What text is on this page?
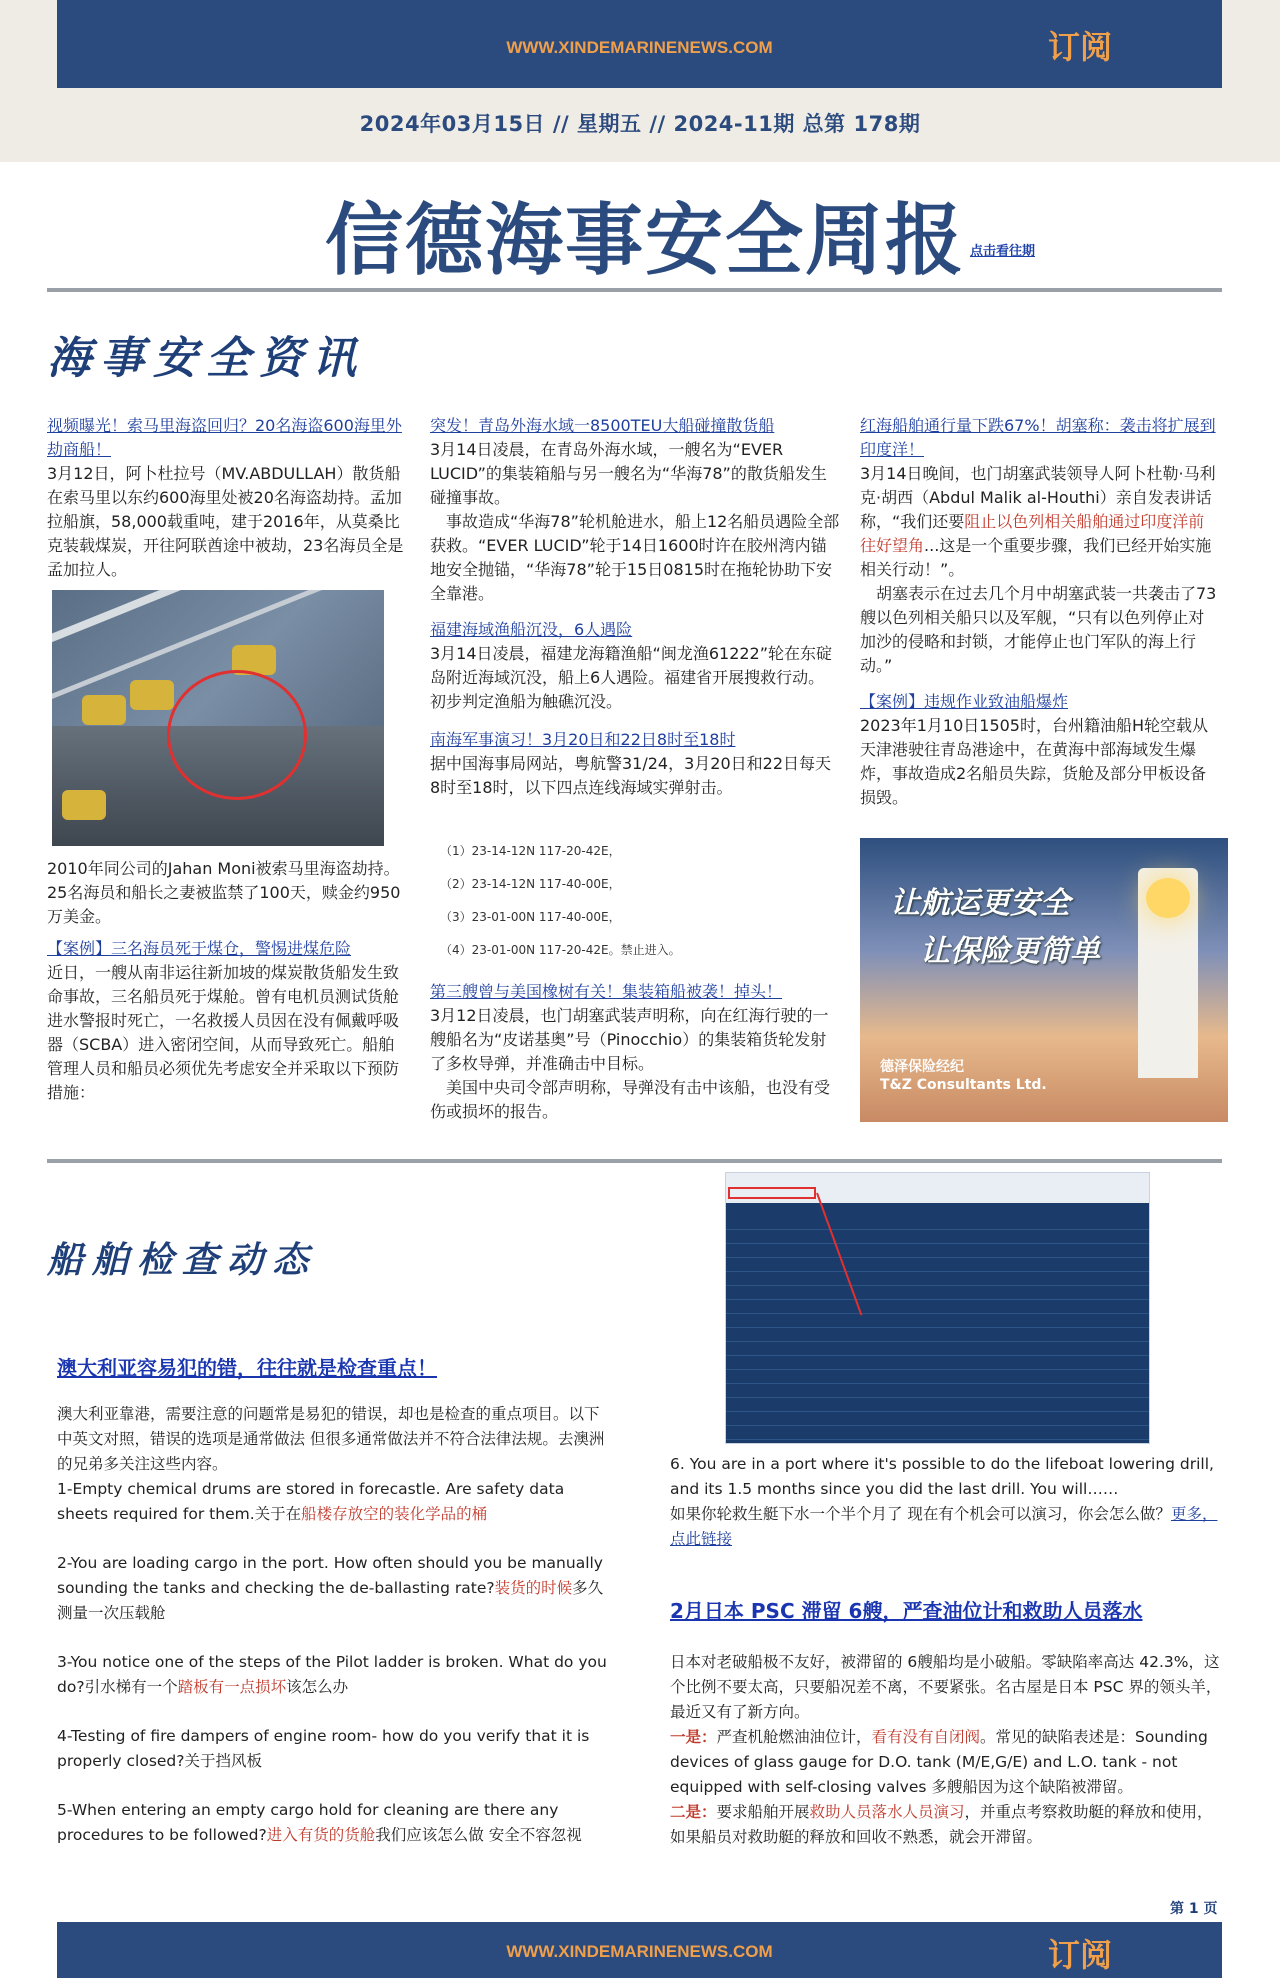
WWW.XINDEMARINENEWS.COM	订阅
2024年03月15日 // 星期五 // 2024-11期 总第 178期
信德海事安全周报 点击看往期
海事安全资讯

视频曝光！索马里海盗回归？20名海盗600海里外劫商船！

3月12日，阿卜杜拉号（MV.ABDULLAH）散货船在索马里以东约600海里处被20名海盗劫持。孟加拉船旗，58,000载重吨，建于2016年，从莫桑比克装载煤炭，开往阿联酋途中被劫，23名海员全是孟加拉人。

2010年同公司的Jahan Moni被索马里海盗劫持。25名海员和船长之妻被监禁了100天，赎金约950万美金。

【案例】三名海员死于煤仓，警惕进煤危险

近日，一艘从南非运往新加坡的煤炭散货船发生致命事故，三名船员死于煤舱。曾有电机员测试货舱进水警报时死亡，一名救援人员因在没有佩戴呼吸器（SCBA）进入密闭空间，从而导致死亡。船舶管理人员和船员必须优先考虑安全并采取以下预防措施：

突发！青岛外海水域一8500TEU大船碰撞散货船

3月14日凌晨，在青岛外海水域，一艘名为“EVER LUCID”的集装箱船与另一艘名为“华海78”的散货船发生碰撞事故。

事故造成“华海78”轮机舱进水，船上12名船员遇险全部获救。“EVER LUCID”轮于14日1600时许在胶州湾内锚地安全抛锚，“华海78”轮于15日0815时在拖轮协助下安全靠港。

福建海域渔船沉没，6人遇险

3月14日凌晨，福建龙海籍渔船“闽龙渔61222”轮在东碇岛附近海域沉没，船上6人遇险。福建省开展搜救行动。初步判定渔船为触礁沉没。

南海军事演习！3月20日和22日8时至18时

据中国海事局网站，粤航警31/24，3月20日和22日每天8时至18时，以下四点连线海域实弹射击。

（1）23-14-12N 117-20-42E，
（2）23-14-12N 117-40-00E，
（3）23-01-00N 117-40-00E，
（4）23-01-00N 117-20-42E。禁止进入。

第三艘曾与美国橡树有关！集装箱船被袭！掉头！

3月12日凌晨，也门胡塞武装声明称，向在红海行驶的一艘船名为“皮诺基奥”号（Pinocchio）的集装箱货轮发射了多枚导弹，并准确击中目标。

美国中央司令部声明称，导弹没有击中该船，也没有受伤或损坏的报告。

红海船舶通行量下跌67%！胡塞称：袭击将扩展到印度洋！

3月14日晚间，也门胡塞武装领导人阿卜杜勒·马利克·胡西（Abdul Malik al-Houthi）亲自发表讲话称，“我们还要阻止以色列相关船舶通过印度洋前往好望角...这是一个重要步骤，我们已经开始实施相关行动！”。

胡塞表示在过去几个月中胡塞武装一共袭击了73艘以色列相关船只以及军舰，“只有以色列停止对加沙的侵略和封锁，才能停止也门军队的海上行动。”

【案例】违规作业致油船爆炸

2023年1月10日1505时，台州籍油船H轮空载从天津港驶往青岛港途中，在黄海中部海域发生爆炸，事故造成2名船员失踪，货舱及部分甲板设备损毁。

让航运更安全
让保险更简单
德泽保险经纪
T&Z Consultants Ltd.
船舶检查动态
澳大利亚容易犯的错，往往就是检查重点！

澳大利亚靠港，需要注意的问题常是易犯的错误，却也是检查的重点项目。以下中英文对照，错误的选项是通常做法 但很多通常做法并不符合法律法规。去澳洲的兄弟多关注这些内容。

1-Empty chemical drums are stored in forecastle. Are safety data sheets required for them.关于在船楼存放空的装化学品的桶

2-You are loading cargo in the port. How often should you be manually sounding the tanks and checking the de-ballasting rate?装货的时候多久测量一次压载舱

3-You notice one of the steps of the Pilot ladder is broken. What do you do?引水梯有一个踏板有一点损坏该怎么办

4-Testing of fire dampers of engine room- how do you verify that it is properly closed?关于挡风板

5-When entering an empty cargo hold for cleaning are there any procedures to be followed?进入有货的货舱我们应该怎么做 安全不容忽视

6. You are in a port where it's possible to do the lifeboat lowering drill, and its 1.5 months since you did the last drill. You will……

如果你轮救生艇下水一个半个月了 现在有个机会可以演习，你会怎么做？更多，点此链接

2月日本 PSC 滞留 6艘，严查油位计和救助人员落水

日本对老破船极不友好，被滞留的 6艘船均是小破船。零缺陷率高达 42.3%，这个比例不要太高，只要船况差不离，不要紧张。名古屋是日本 PSC 界的领头羊，最近又有了新方向。

一是：严查机舱燃油油位计，看有没有自闭阀。常见的缺陷表述是：Sounding devices of glass gauge for D.O. tank (M/E,G/E) and L.O. tank - not equipped with self-closing valves 多艘船因为这个缺陷被滞留。

二是：要求船舶开展救助人员落水人员演习，并重点考察救助艇的释放和使用，如果船员对救助艇的释放和回收不熟悉，就会开滞留。

第 1 页
WWW.XINDEMARINENEWS.COM	订阅
